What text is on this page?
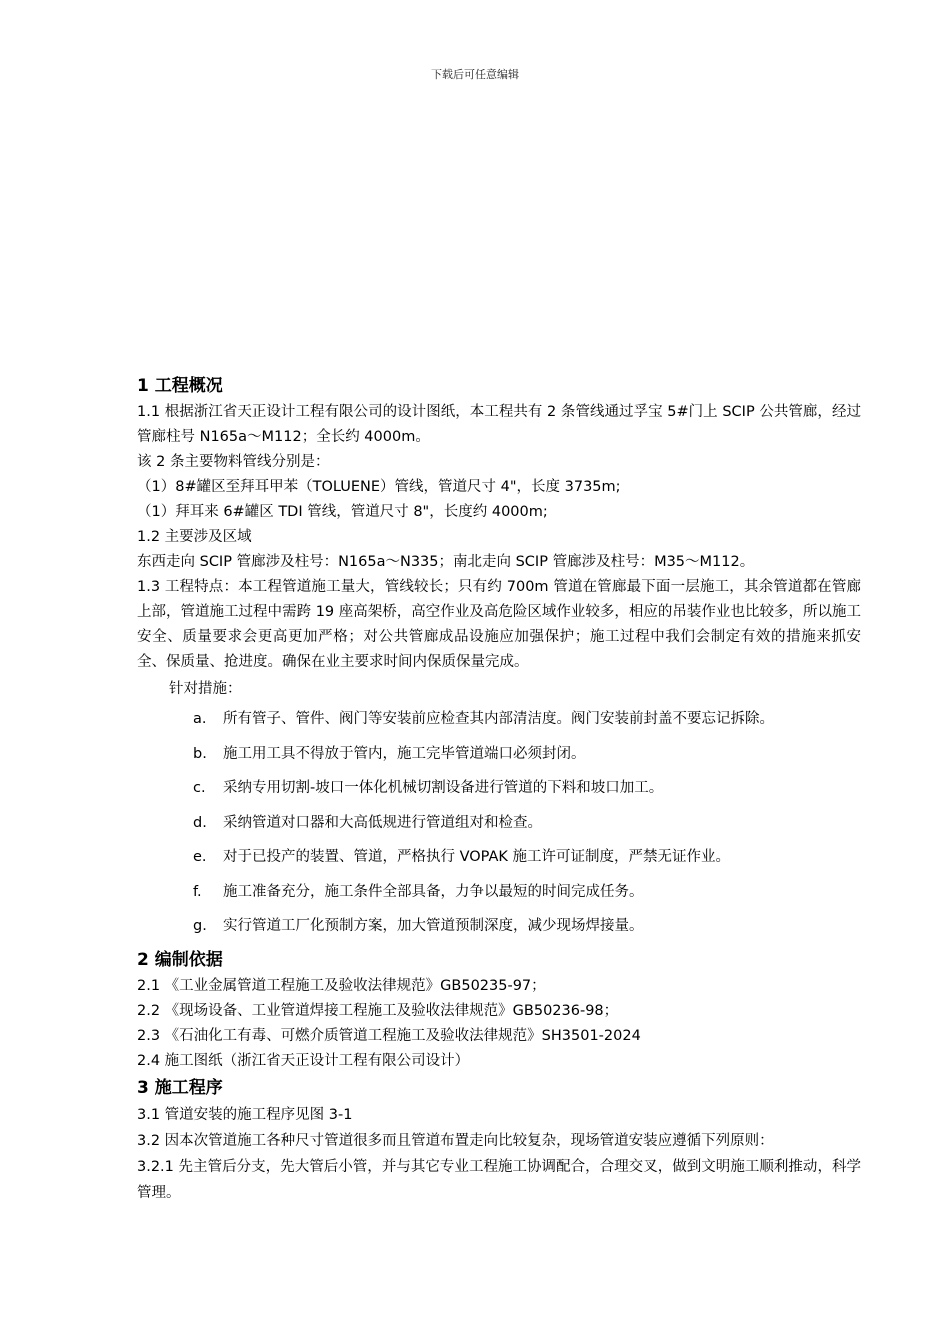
下载后可任意编辑
1 工程概况

1.1 根据浙江省天正设计工程有限公司的设计图纸，本工程共有 2 条管线通过孚宝 5#门上 SCIP 公共管廊，经过管廊柱号 N165a～M112；全长约 4000m。

该 2 条主要物料管线分别是：

（1）8#罐区至拜耳甲苯（TOLUENE）管线，管道尺寸 4"，长度 3735m;

（1）拜耳来 6#罐区 TDI 管线，管道尺寸 8"，长度约 4000m;

1.2 主要涉及区域

东西走向 SCIP 管廊涉及柱号：N165a～N335；南北走向 SCIP 管廊涉及柱号：M35～M112。

1.3 工程特点：本工程管道施工量大，管线较长；只有约 700m 管道在管廊最下面一层施工，其余管道都在管廊上部，管道施工过程中需跨 19 座高架桥，高空作业及高危险区域作业较多，相应的吊装作业也比较多，所以施工安全、质量要求会更高更加严格；对公共管廊成品设施应加强保护；施工过程中我们会制定有效的措施来抓安全、保质量、抢进度。确保在业主要求时间内保质保量完成。

针对措施：

a.	所有管子、管件、阀门等安装前应检查其内部清洁度。阀门安装前封盖不要忘记拆除。
b.	施工用工具不得放于管内，施工完毕管道端口必须封闭。
c.	采纳专用切割-坡口一体化机械切割设备进行管道的下料和坡口加工。
d.	采纳管道对口器和大高低规进行管道组对和检查。
e.	对于已投产的装置、管道，严格执行 VOPAK 施工许可证制度，严禁无证作业。
f.	施工准备充分，施工条件全部具备，力争以最短的时间完成任务。
g.	实行管道工厂化预制方案，加大管道预制深度，减少现场焊接量。
2 编制依据

2.1 《工业金属管道工程施工及验收法律规范》GB50235-97；

2.2 《现场设备、工业管道焊接工程施工及验收法律规范》GB50236-98；

2.3 《石油化工有毒、可燃介质管道工程施工及验收法律规范》SH3501-2024

2.4 施工图纸（浙江省天正设计工程有限公司设计）

3 施工程序

3.1 管道安装的施工程序见图 3-1

3.2 因本次管道施工各种尺寸管道很多而且管道布置走向比较复杂，现场管道安装应遵循下列原则：

3.2.1 先主管后分支，先大管后小管，并与其它专业工程施工协调配合，合理交叉，做到文明施工顺利推动，科学管理。
